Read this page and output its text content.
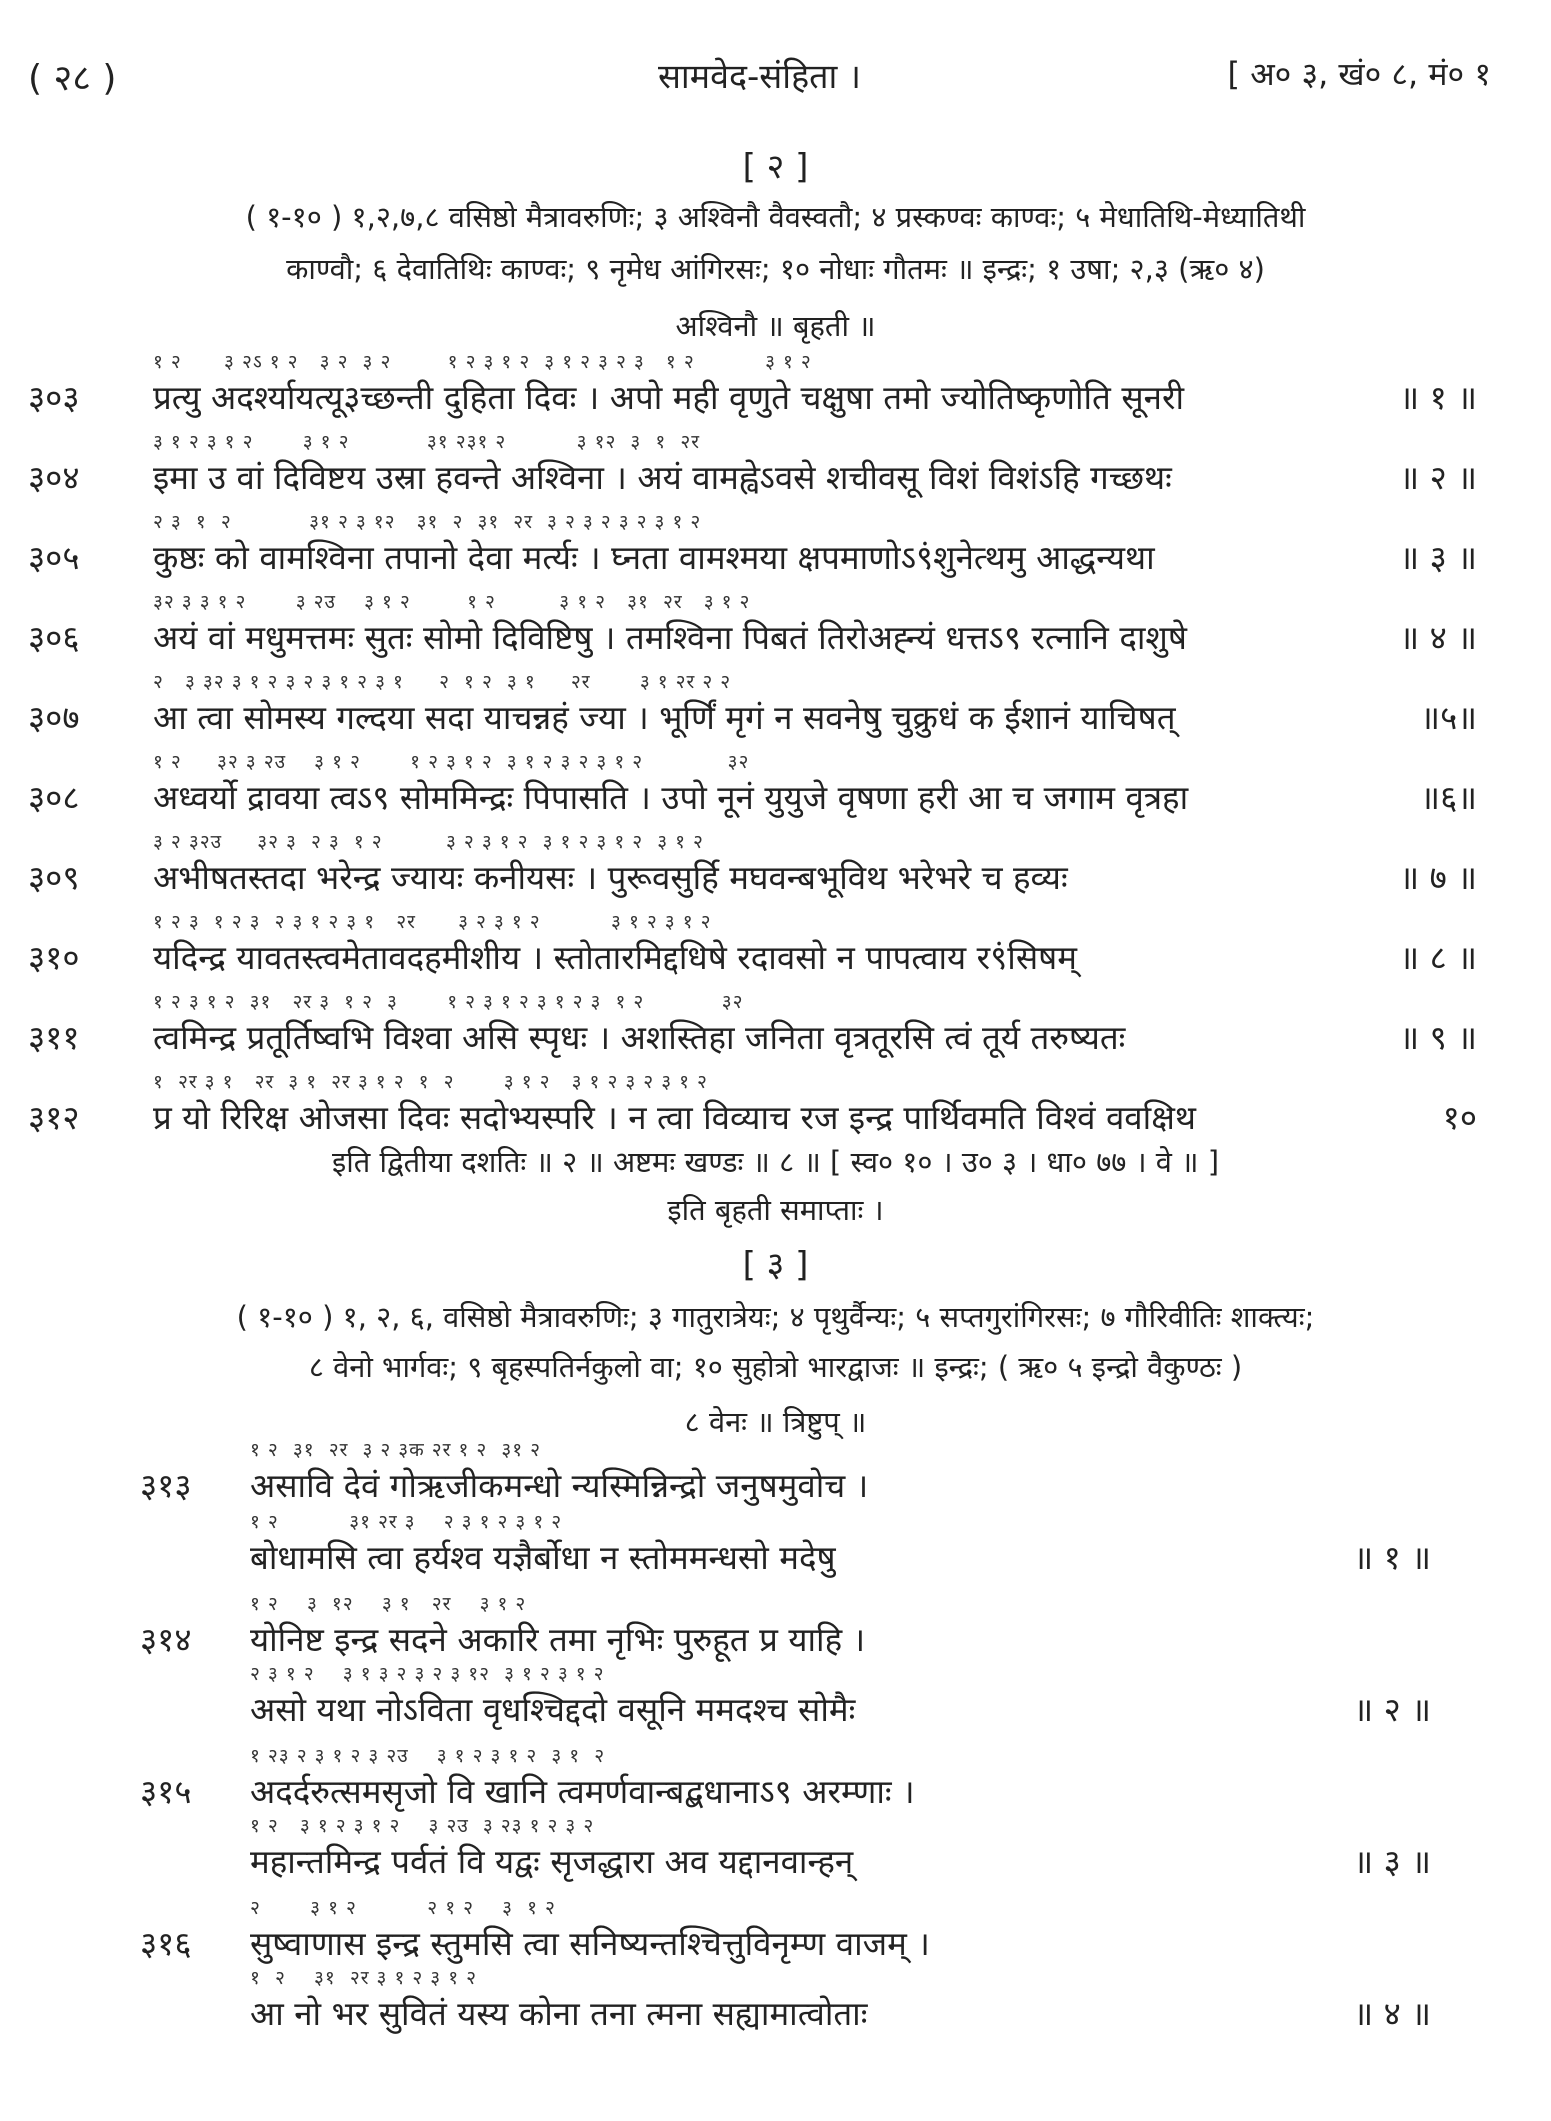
( २८ )	सामवेद-संहिता ।	[ अ० ३, खं० ८, मं० १
[ २ ]
( १-१० ) १,२,७,८ वसिष्ठो मैत्रावरुणिः; ३ अश्विनौ वैवस्वतौ; ४ प्रस्कण्वः काण्वः; ५ मेधातिथि-मेध्यातिथी
काण्वौ; ६ देवातिथिः काण्वः; ९ नृमेध आंगिरसः; १० नोधाः गौतमः ॥ इन्द्रः; १ उषा; २,३ (ऋ० ४)
अश्विनौ ॥ बृहती ॥
१ २      ३ २ऽ १ २   ३ २  ३ २        १ २ ३ १ २  ३ १ २ ३ २ ३   १ २          ३ १ २
३०३ प्रत्यु अदर्श्यायत्यू३च्छन्ती दुहिता दिवः । अपो मही वृणुते चक्षुषा तमो ज्योतिष्कृणोति सूनरी	॥ १ ॥
३ १ २ ३ १ २       ३ १ २           ३१ २३१ २          ३ १२  ३  १  २र
३०४ इमा उ वां दिविष्टय उस्रा हवन्ते अश्विना । अयं वामह्वेऽवसे शचीवसू विशं विशंऽहि गच्छथः	॥ २ ॥
२ ३  १  २           ३१ २ ३ १२   ३१  २  ३१  २र  ३ २ ३ २ ३ २ ३ १ २
३०५ कुष्ठः को वामश्विना तपानो देवा मर्त्यः । घ्नता वामश्मया क्षपमाणोऽ९ंशुनेत्थमु आद्धन्यथा	॥ ३ ॥
३२ ३ ३ १ २       ३ २उ    ३ १ २        १ २         ३ १ २   ३१  २र   ३ १ २
३०६ अयं वां मधुमत्तमः सुतः सोमो दिविष्टिषु । तमश्विना पिबतं तिरोअह्न्यं धत्तऽ९ रत्नानि दाशुषे	॥ ४ ॥
२   ३ ३२ ३ १ २ ३ २ ३ १ २ ३ १     २  १ २  ३ १     २र       ३ १ २र २ २
३०७ आ त्वा सोमस्य गल्दया सदा याचन्नहं ज्या । भूर्णिं मृगं न सवनेषु चुक्रुधं क ईशानं याचिषत्	॥५॥
१ २     ३२ ३ २उ    ३ १ २       १ २ ३ १ २  ३ १ २ ३ २ ३ १ २            ३२
३०८ अध्वर्यो द्रावया त्वऽ९ सोममिन्द्रः पिपासति । उपो नूनं युयुजे वृषणा हरी आ च जगाम वृत्रहा	॥६॥
३ २ ३२उ     ३२ ३  २ ३  १ २         ३ २ ३ १ २  ३ १ २ ३ १ २  ३ १ २
३०९ अभीषतस्तदा भरेन्द्र ज्यायः कनीयसः । पुरूवसुर्हि मघवन्बभूविथ भरेभरे च हव्यः	॥ ७ ॥
१ २ ३  १ २ ३  २ ३ १ २ ३ १   २र      ३ २ ३ १ २          ३ १ २ ३ १ २
३१० यदिन्द्र यावतस्त्वमेतावदहमीशीय । स्तोतारमिद्दधिषे रदावसो न पापत्वाय र९ंसिषम्	॥ ८ ॥
१ २ ३ १ २  ३१   २र ३  १ २  ३       १ २ ३ १ २ ३ १ २ ३  १ २           ३२
३११ त्वमिन्द्र प्रतूर्तिष्वभि विश्वा असि स्पृधः । अशस्तिहा जनिता वृत्रतूरसि त्वं तूर्य तरुष्यतः	॥ ९ ॥
१  २र ३ १   २र  ३ १  २र ३ १ २  १  २       ३ १ २   ३ १ २ ३ २ ३ १ २
३१२ प्र यो रिरिक्ष ओजसा दिवः सदोभ्यस्परि । न त्वा विव्याच रज इन्द्र पार्थिवमति विश्वं ववक्षिथ	१०
इति द्वितीया दशतिः ॥ २ ॥ अष्टमः खण्डः ॥ ८ ॥ [ स्व० १० । उ० ३ । धा० ७७ । वे ॥ ]
इति बृहती समाप्ताः ।
[ ३ ]
( १-१० ) १, २, ६, वसिष्ठो मैत्रावरुणिः; ३ गातुरात्रेयः; ४ पृथुर्वैन्यः; ५ सप्तगुरांगिरसः; ७ गौरिवीतिः शाक्त्यः;
८ वेनो भार्गवः; ९ बृहस्पतिर्नकुलो वा; १० सुहोत्रो भारद्वाजः ॥ इन्द्रः; ( ऋ० ५ इन्द्रो वैकुण्ठः )
८ वेनः ॥ त्रिष्टुप् ॥
१ २  ३१  २र  ३ २ ३क २र १ २  ३१ २
३१३ असावि देवं गोऋजीकमन्धो न्यस्मिन्निन्द्रो जनुषमुवोच ।
१ २          ३१ २र ३    २ ३ १ २ ३ १ २
बोधामसि त्वा हर्यश्व यज्ञैर्बोधा न स्तोममन्धसो मदेषु	॥ १ ॥
१ २    ३  १२    ३ १   २र    ३ १ २
३१४ योनिष्ट इन्द्र सदने अकारि तमा नृभिः पुरुहूत प्र याहि ।
२ ३ १ २    ३ १ ३ २ ३ २ ३ १२  ३ १ २ ३ १ २
असो यथा नोऽविता वृधश्चिद्ददो वसूनि ममदश्च सोमैः	॥ २ ॥
१ २३ २ ३ १ २ ३ २उ    ३ १ २ ३ १ २  ३ १  २
३१५ अदर्दरुत्समसृजो वि खानि त्वमर्णवान्बद्बधानाऽ९ अरम्णाः ।
१ २   ३ १ २ ३ १ २    ३ २उ  ३ २३ १ २ ३ २
महान्तमिन्द्र पर्वतं वि यद्वः सृजद्धारा अव यद्दानवान्हन्	॥ ३ ॥
२       ३ १ २          २ १ २    ३  १ २
३१६ सुष्वाणास इन्द्र स्तुमसि त्वा सनिष्यन्तश्चित्तुविनृम्ण वाजम् ।
१  २    ३१  २र ३ १ २ ३ १ २
आ नो भर सुवितं यस्य कोना तना त्मना सह्यामात्वोताः	॥ ४ ॥
